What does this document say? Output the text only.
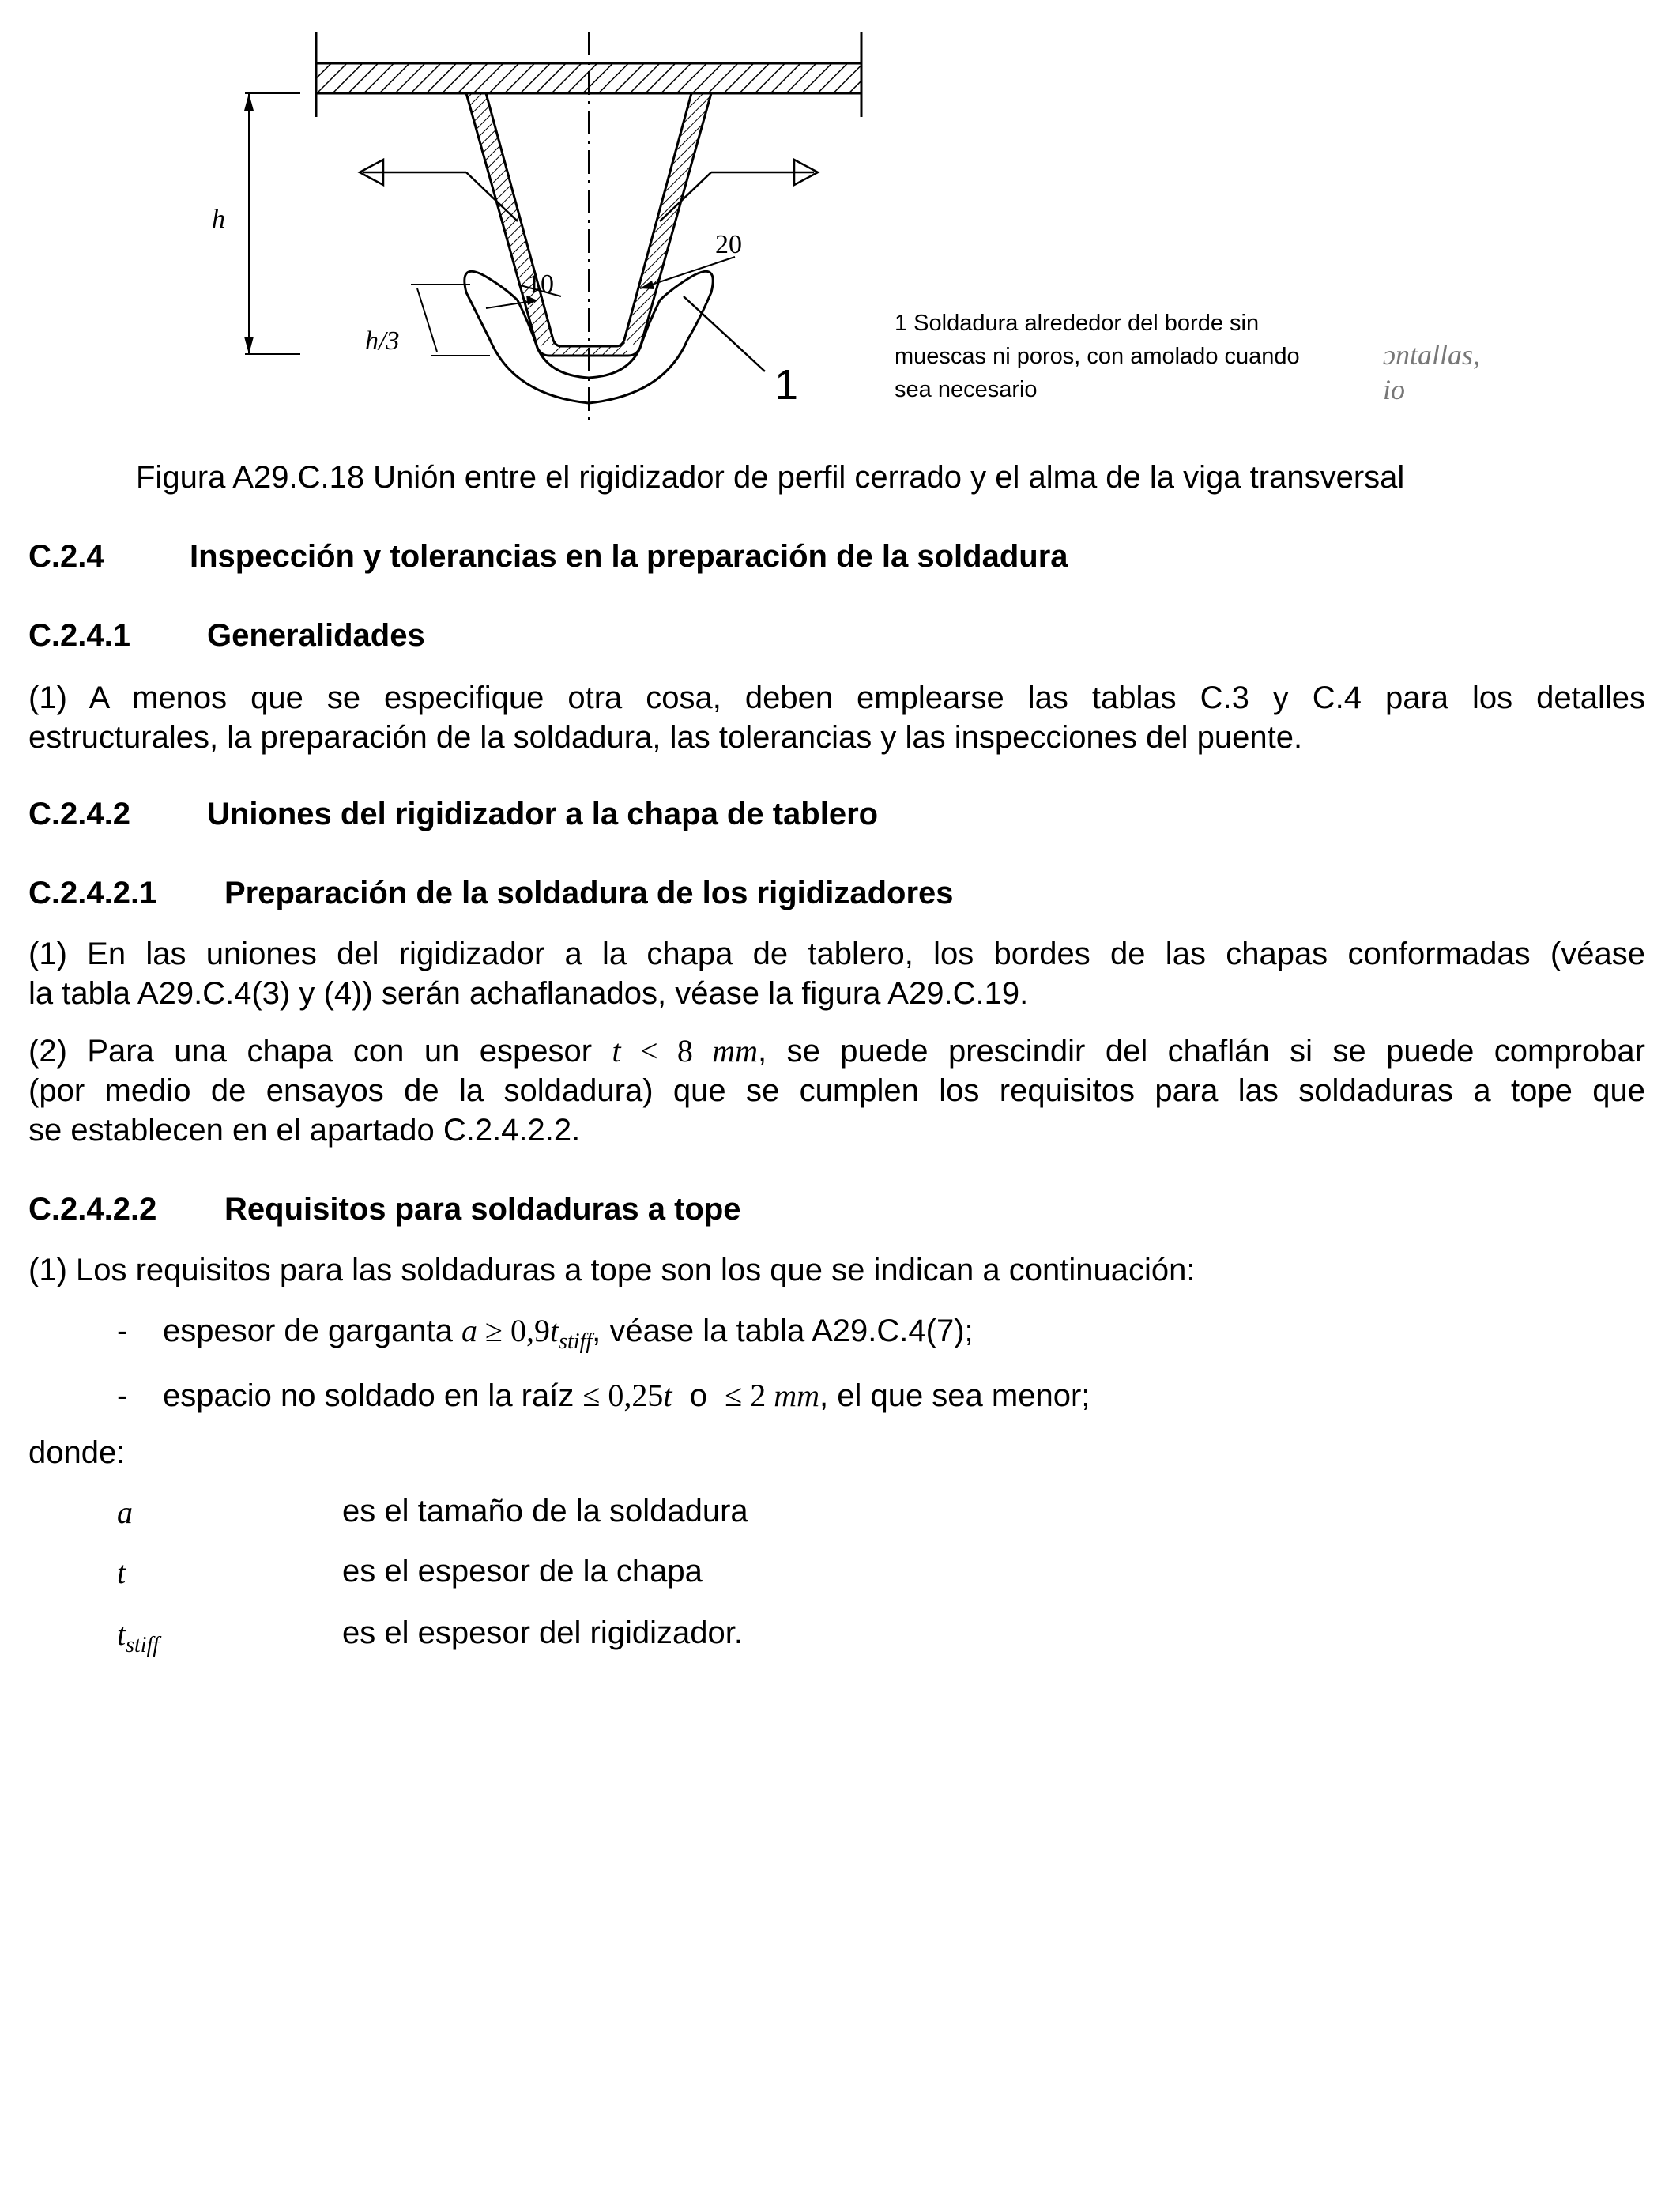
h
10
20
h/3
1
1 Soldadura alrededor del borde sin
muescas ni poros, con amolado cuando
sea necesario
ɔntallas,
io
Figura A29.C.18 Unión entre el rigidizador de perfil cerrado y el alma de la viga transversal
C.2.4	Inspección y tolerancias en la preparación de la soldadura
C.2.4.1 Generalidades
(1) A menos que se especifique otra cosa, deben emplearse las tablas C.3 y C.4 para los detalles
estructurales, la preparación de la soldadura, las tolerancias y las inspecciones del puente.
C.2.4.2 Uniones del rigidizador a la chapa de tablero
C.2.4.2.1 Preparación de la soldadura de los rigidizadores
(1) En las uniones del rigidizador a la chapa de tablero, los bordes de las chapas conformadas (véase
la tabla A29.C.4(3) y (4)) serán achaflanados, véase la figura A29.C.19.
(2) Para una chapa con un espesor t < 8 mm, se puede prescindir del chaflán si se puede comprobar
(por medio de ensayos de la soldadura) que se cumplen los requisitos para las soldaduras a tope que
se establecen en el apartado C.2.4.2.2.
C.2.4.2.2 Requisitos para soldaduras a tope
(1) Los requisitos para las soldaduras a tope son los que se indican a continuación:
- espesor de garganta $a \ge 0,9t_{stiff}$, véase la tabla A29.C.4(7);
- espacio no soldado en la raíz ≤ 0,25t  o  ≤ 2 mm, el que sea menor;
donde:
a	es el tamaño de la soldadura
t	es el espesor de la chapa
$t_{stiff}$	es el espesor del rigidizador.
